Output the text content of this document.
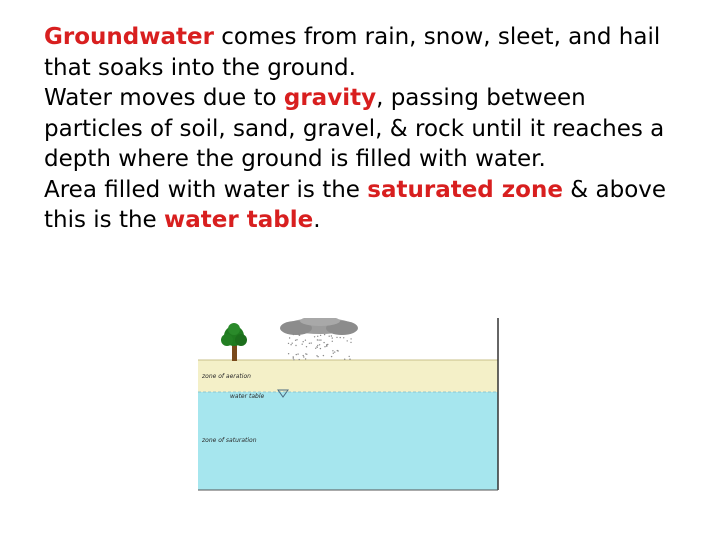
Groundwater comes from rain, snow, sleet, and hail that soaks into the ground.

Water moves due to gravity, passing between particles of soil, sand, gravel, & rock until it reaches a depth where the ground is filled with water.

Area filled with water is the saturated zone & above this is the water table.

zone of aeration
water table
zone of saturation
